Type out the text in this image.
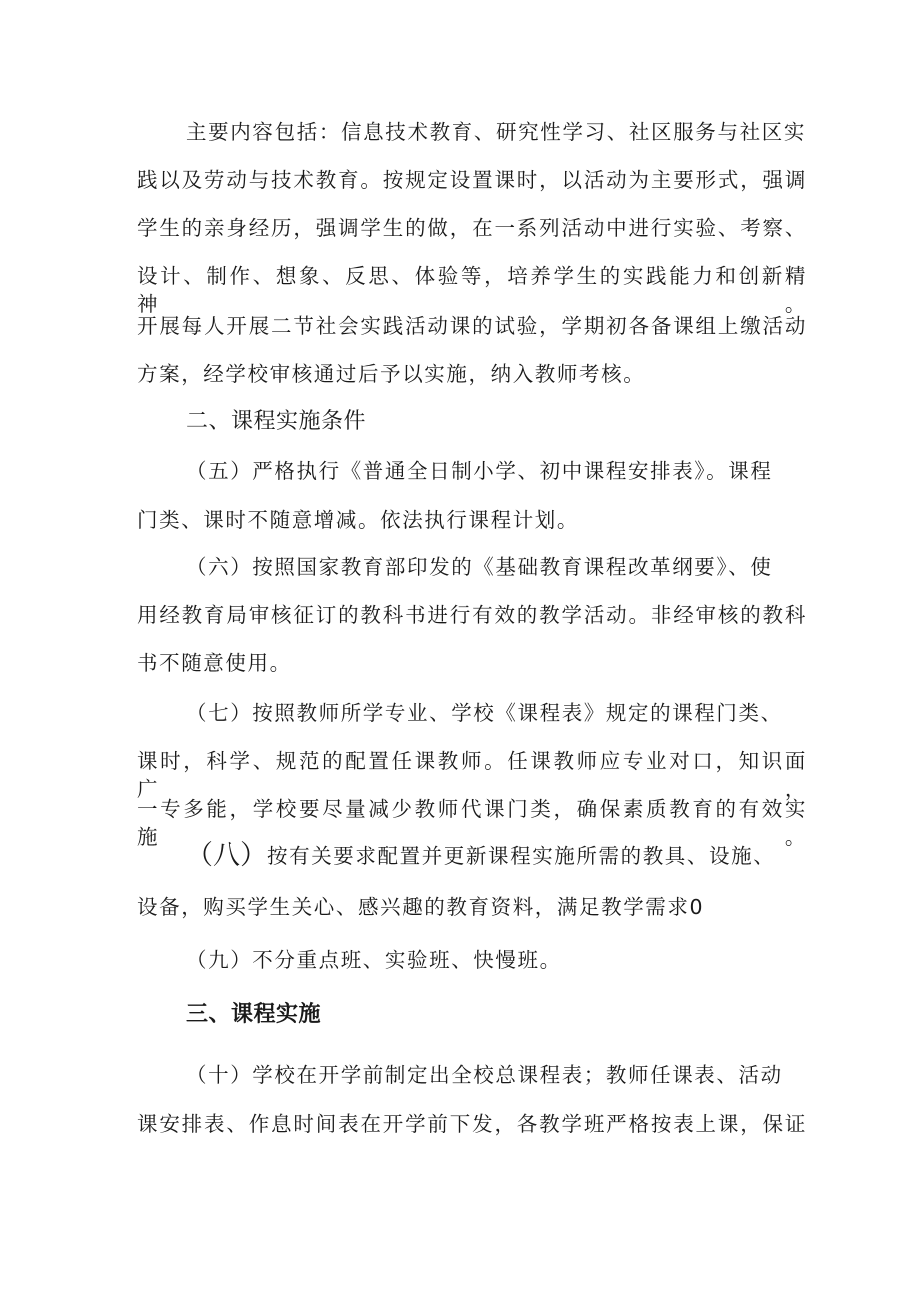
主要内容包括：信息技术教育、研究性学习、社区服务与社区实
践以及劳动与技术教育。按规定设置课时，以活动为主要形式，强调
学生的亲身经历，强调学生的做，在一系列活动中进行实验、考察、
设计、制作、想象、反思、体验等，培养学生的实践能力和创新精神。
开展每人开展二节社会实践活动课的试验，学期初各备课组上缴活动
方案，经学校审核通过后予以实施，纳入教师考核。
二、课程实施条件
（五）严格执行《普通全日制小学、初中课程安排表》。课程
门类、课时不随意增减。依法执行课程计划。
（六）按照国家教育部印发的《基础教育课程改革纲要》、使
用经教育局审核征订的教科书进行有效的教学活动。非经审核的教科
书不随意使用。
（七）按照教师所学专业、学校《课程表》规定的课程门类、
课时，科学、规范的配置任课教师。任课教师应专业对口，知识面广，
一专多能，学校要尽量减少教师代课门类，确保素质教育的有效实施。
（八）按有关要求配置并更新课程实施所需的教具、设施、
设备，购买学生关心、感兴趣的教育资料，满足教学需求0
（九）不分重点班、实验班、快慢班。
三、课程实施
（十）学校在开学前制定出全校总课程表；教师任课表、活动
课安排表、作息时间表在开学前下发，各教学班严格按表上课，保证
